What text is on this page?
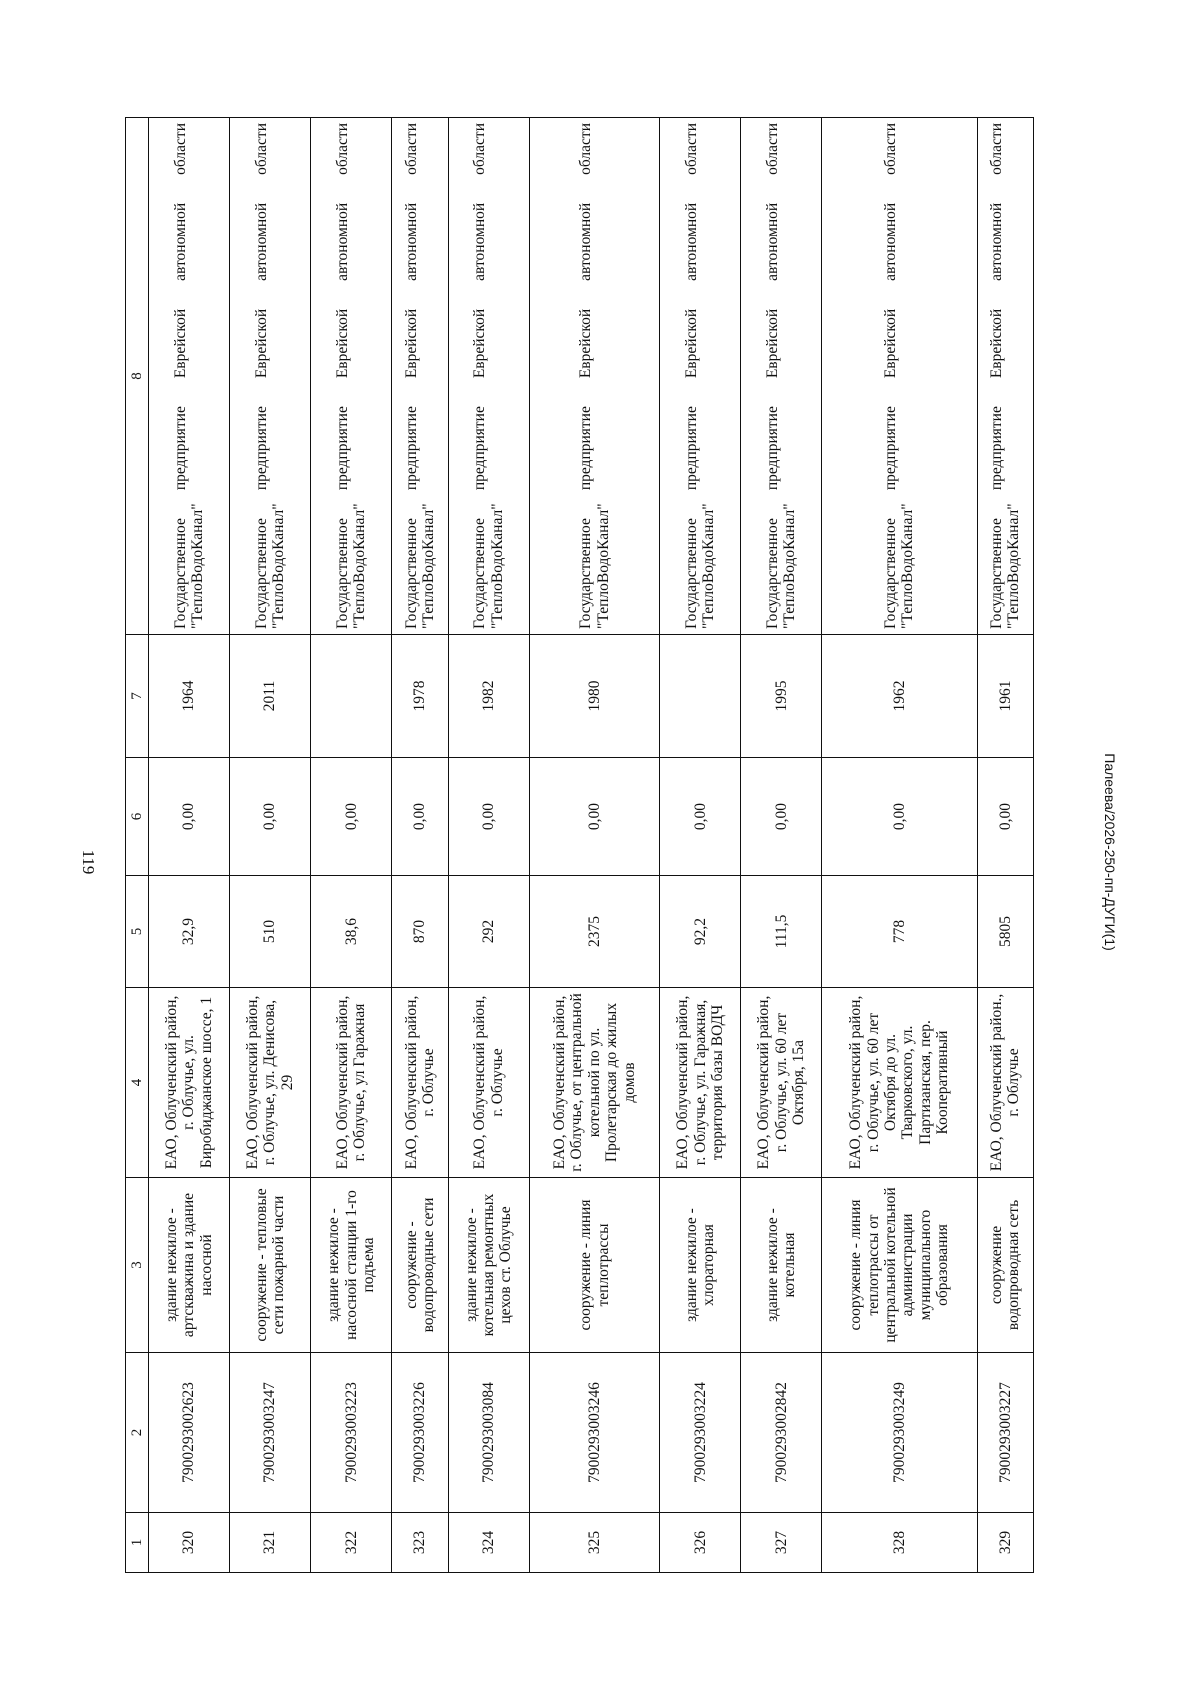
119
1	2	3	4	5	6	7	8
320	7900293002623	здание нежилое - артскважина и здание насосной	ЕАО, Облученский район, г. Облучье, ул. Биробиджанское шоссе, 1	32,9	0,00	1964	Государственное предприятие Еврейской автономной области "ТеплоВодоКанал"
321	7900293003247	сооружение - тепловые сети пожарной части	ЕАО, Облученский район, г. Облучье, ул. Денисова, 29	510	0,00	2011	Государственное предприятие Еврейской автономной области "ТеплоВодоКанал"
322	7900293003223	здание нежилое - насосной станции 1-го подъема	ЕАО, Облученский район, г. Облучье, ул Гаражная	38,6	0,00		Государственное предприятие Еврейской автономной области "ТеплоВодоКанал"
323	7900293003226	сооружение - водопроводные сети	ЕАО, Облученский район, г. Облучье	870	0,00	1978	Государственное предприятие Еврейской автономной области "ТеплоВодоКанал"
324	7900293003084	здание нежилое - котельная ремонтных цехов ст. Облучье	ЕАО, Облученский район, г. Облучье	292	0,00	1982	Государственное предприятие Еврейской автономной области "ТеплоВодоКанал"
325	7900293003246	сооружение - линия теплотрассы	ЕАО, Облученский район, г. Облучье, от центральной котельной по ул. Пролетарская до жилых домов	2375	0,00	1980	Государственное предприятие Еврейской автономной области "ТеплоВодоКанал"
326	7900293003224	здание нежилое - хлораторная	ЕАО, Облученский район, г. Облучье, ул. Гаражная, территория базы ВОДЧ	92,2	0,00		Государственное предприятие Еврейской автономной области "ТеплоВодоКанал"
327	7900293002842	здание нежилое - котельная	ЕАО, Облученский район, г. Облучье, ул. 60 лет Октября, 15а	111,5	0,00	1995	Государственное предприятие Еврейской автономной области "ТеплоВодоКанал"
328	7900293003249	сооружение - линия теплотрассы от центральной котельной администрации муниципального образования	ЕАО, Облученский район, г. Облучье, ул. 60 лет Октября до ул. Тварковского, ул. Партизанская, пер. Кооперативный	778	0,00	1962	Государственное предприятие Еврейской автономной области "ТеплоВодоКанал"
329	7900293003227	сооружение водопроводная сеть	ЕАО, Облученский район., г. Облучье	5805	0,00	1961	Государственное предприятие Еврейской автономной области "ТеплоВодоКанал"
Палеева/2026-250-пп-ДУГИ(1)
